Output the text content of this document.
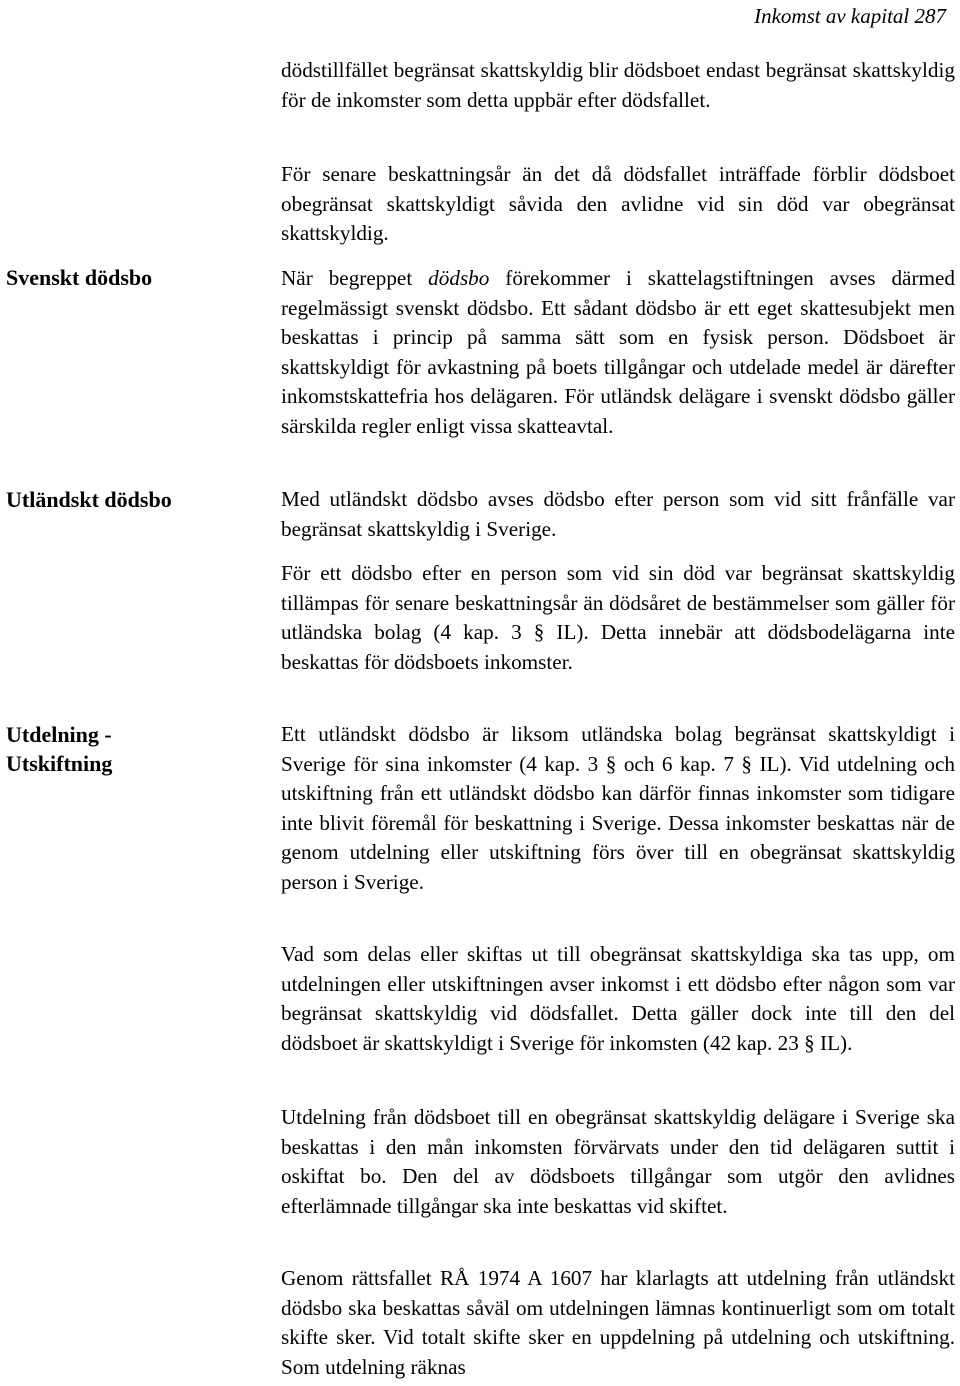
Inkomst av kapital 287
Svenskt dödsbo
Utländskt dödsbo
Utdelning -
Utskiftning

dödstillfället begränsat skattskyldig blir dödsboet endast begränsat skattskyldig för de inkomster som detta uppbär efter dödsfallet.

För senare beskattningsår än det då dödsfallet inträffade förblir dödsboet obegränsat skattskyldigt såvida den avlidne vid sin död var obegränsat skattskyldig.

När begreppet dödsbo förekommer i skattelagstiftningen avses därmed regelmässigt svenskt dödsbo. Ett sådant dödsbo är ett eget skattesubjekt men beskattas i princip på samma sätt som en fysisk person. Dödsboet är skattskyldigt för avkastning på boets tillgångar och utdelade medel är därefter inkomstskattefria hos delägaren. För utländsk delägare i svenskt dödsbo gäller särskilda regler enligt vissa skatteavtal.

Med utländskt dödsbo avses dödsbo efter person som vid sitt frånfälle var begränsat skattskyldig i Sverige.

För ett dödsbo efter en person som vid sin död var begränsat skattskyldig tillämpas för senare beskattningsår än dödsåret de bestämmelser som gäller för utländska bolag (4 kap. 3 § IL). Detta innebär att dödsbodelägarna inte beskattas för dödsboets inkomster.

Ett utländskt dödsbo är liksom utländska bolag begränsat skattskyldigt i Sverige för sina inkomster (4 kap. 3 § och 6 kap. 7 § IL). Vid utdelning och utskiftning från ett utländskt dödsbo kan därför finnas inkomster som tidigare inte blivit föremål för beskattning i Sverige. Dessa inkomster beskattas när de genom utdelning eller utskiftning förs över till en obegränsat skattskyldig person i Sverige.

Vad som delas eller skiftas ut till obegränsat skattskyldiga ska tas upp, om utdelningen eller utskiftningen avser inkomst i ett dödsbo efter någon som var begränsat skattskyldig vid dödsfallet. Detta gäller dock inte till den del dödsboet är skattskyldigt i Sverige för inkomsten (42 kap. 23 § IL).

Utdelning från dödsboet till en obegränsat skattskyldig delägare i Sverige ska beskattas i den mån inkomsten förvärvats under den tid delägaren suttit i oskiftat bo. Den del av dödsboets tillgångar som utgör den avlidnes efterlämnade tillgångar ska inte beskattas vid skiftet.

Genom rättsfallet RÅ 1974 A 1607 har klarlagts att utdelning från utländskt dödsbo ska beskattas såväl om utdelningen lämnas kontinuerligt som om totalt skifte sker. Vid totalt skifte sker en uppdelning på utdelning och utskiftning. Som utdelning räknas
